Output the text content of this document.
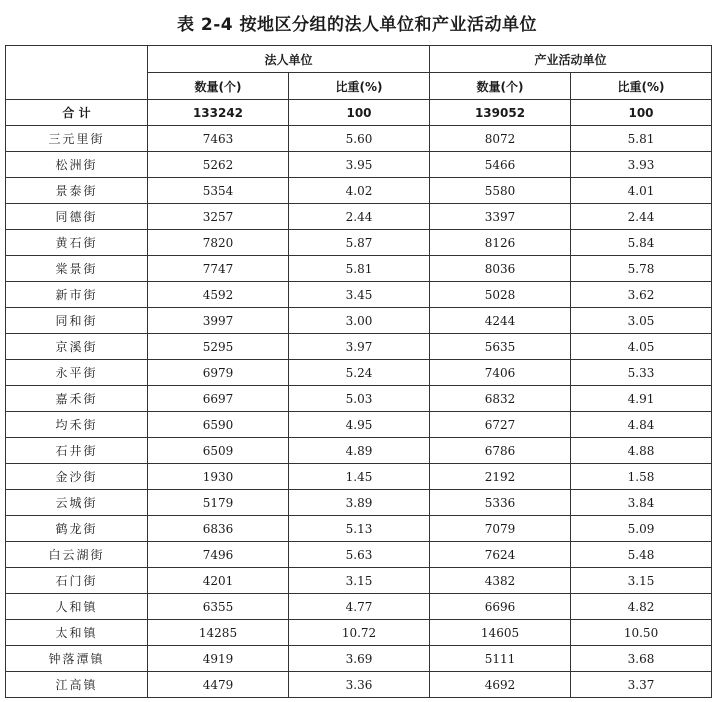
表 2-4 按地区分组的法人单位和产业活动单位
	法人单位		产业活动单位	
	数量(个)	比重(%)	数量(个)	比重(%)
合 计	133242	100	139052	100
三元里街	7463	5.60	8072	5.81
松洲街	5262	3.95	5466	3.93
景泰街	5354	4.02	5580	4.01
同德街	3257	2.44	3397	2.44
黄石街	7820	5.87	8126	5.84
棠景街	7747	5.81	8036	5.78
新市街	4592	3.45	5028	3.62
同和街	3997	3.00	4244	3.05
京溪街	5295	3.97	5635	4.05
永平街	6979	5.24	7406	5.33
嘉禾街	6697	5.03	6832	4.91
均禾街	6590	4.95	6727	4.84
石井街	6509	4.89	6786	4.88
金沙街	1930	1.45	2192	1.58
云城街	5179	3.89	5336	3.84
鹤龙街	6836	5.13	7079	5.09
白云湖街	7496	5.63	7624	5.48
石门街	4201	3.15	4382	3.15
人和镇	6355	4.77	6696	4.82
太和镇	14285	10.72	14605	10.50
钟落潭镇	4919	3.69	5111	3.68
江高镇	4479	3.36	4692	3.37
